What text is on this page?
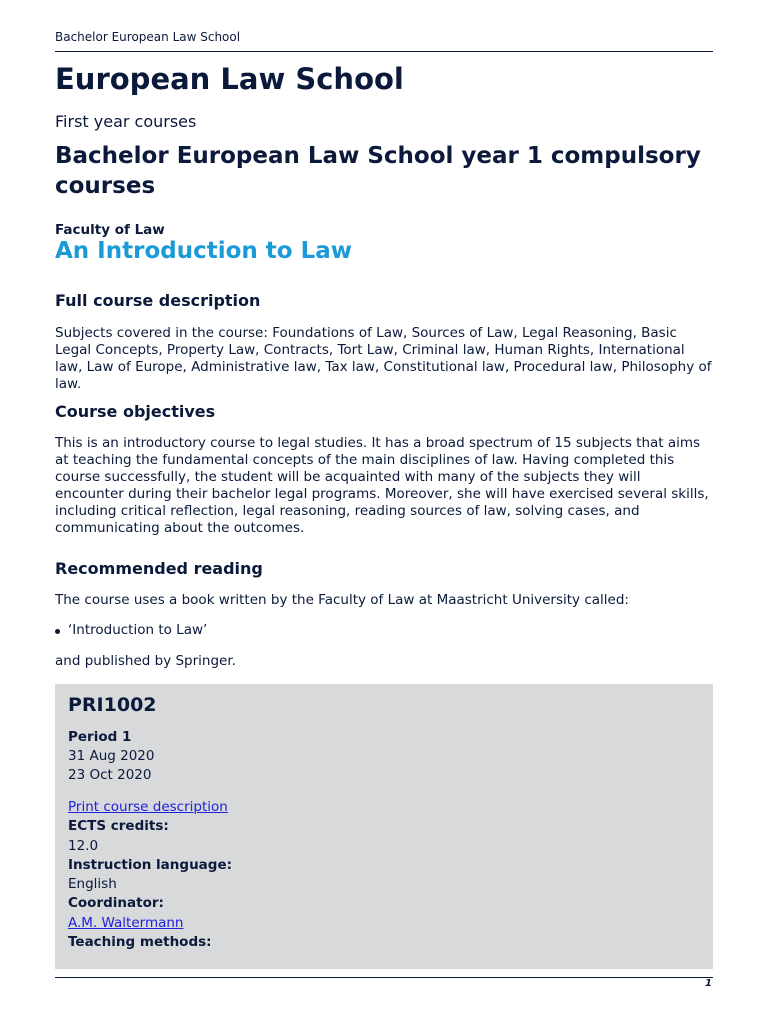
Bachelor European Law School
European Law School
First year courses
Bachelor European Law School year 1 compulsory courses
Faculty of Law
An Introduction to Law
Full course description

Subjects covered in the course: Foundations of Law, Sources of Law, Legal Reasoning, Basic Legal Concepts, Property Law, Contracts, Tort Law, Criminal law, Human Rights, International law, Law of Europe, Administrative law, Tax law, Constitutional law, Procedural law, Philosophy of law.

Course objectives

This is an introductory course to legal studies. It has a broad spectrum of 15 subjects that aims at teaching the fundamental concepts of the main disciplines of law. Having completed this course successfully, the student will be acquainted with many of the subjects they will encounter during their bachelor legal programs. Moreover, she will have exercised several skills, including critical reflection, legal reasoning, reading sources of law, solving cases, and communicating about the outcomes.

Recommended reading

The course uses a book written by the Faculty of Law at Maastricht University called:

‘Introduction to Law’

and published by Springer.

PRI1002
Period 1
31 Aug 2020
23 Oct 2020
Print course description
ECTS credits:
12.0
Instruction language:
English
Coordinator:
A.M. Waltermann
Teaching methods:
1
